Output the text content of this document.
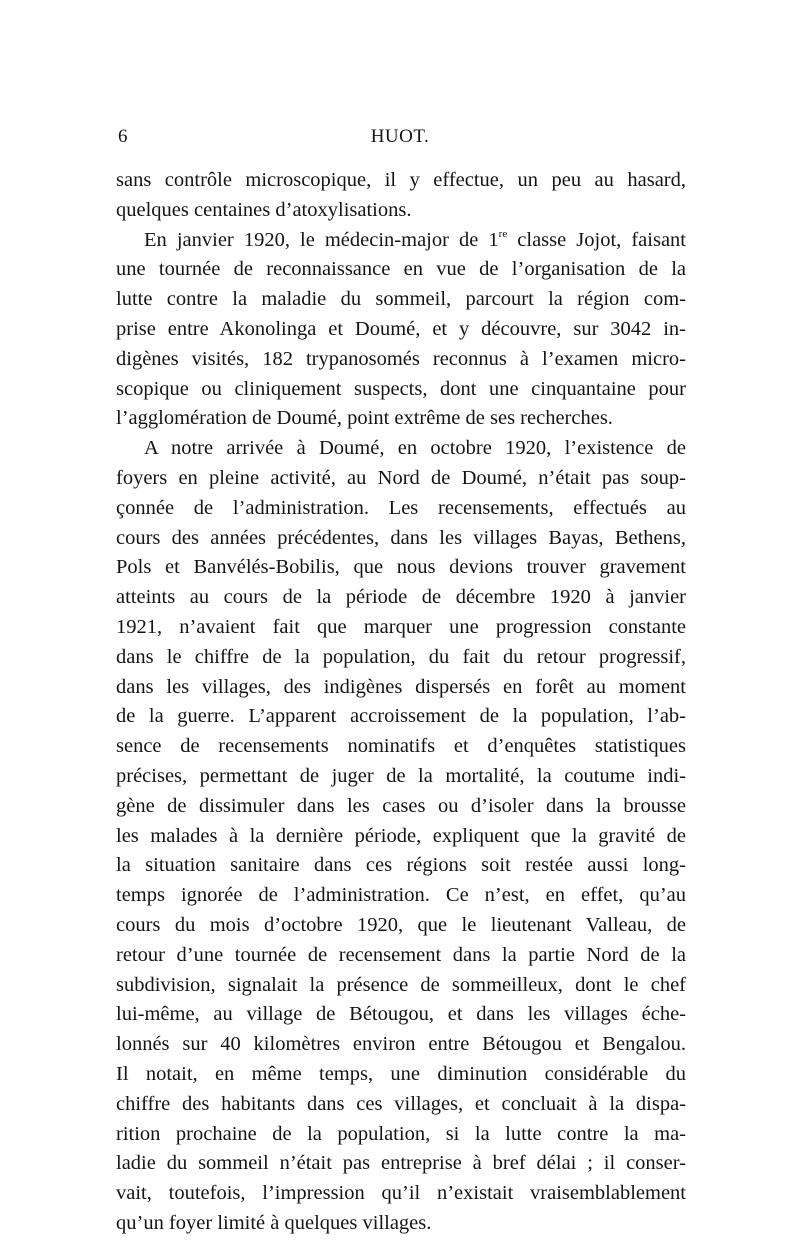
6	HUOT.
sans contrôle microscopique, il y effectue, un peu au hasard,
quelques centaines d’atoxylisations.
En janvier 1920, le médecin-major de 1re classe Jojot, faisant
une tournée de reconnaissance en vue de l’organisation de la
lutte contre la maladie du sommeil, parcourt la région com-
prise entre Akonolinga et Doumé, et y découvre, sur 3042 in-
digènes visités, 182 trypanosomés reconnus à l’examen micro-
scopique ou cliniquement suspects, dont une cinquantaine pour
l’agglomération de Doumé, point extrême de ses recherches.
A notre arrivée à Doumé, en octobre 1920, l’existence de
foyers en pleine activité, au Nord de Doumé, n’était pas soup-
çonnée de l’administration. Les recensements, effectués au
cours des années précédentes, dans les villages Bayas, Bethens,
Pols et Banvélés-Bobilis, que nous devions trouver gravement
atteints au cours de la période de décembre 1920 à janvier
1921, n’avaient fait que marquer une progression constante
dans le chiffre de la population, du fait du retour progressif,
dans les villages, des indigènes dispersés en forêt au moment
de la guerre. L’apparent accroissement de la population, l’ab-
sence de recensements nominatifs et d’enquêtes statistiques
précises, permettant de juger de la mortalité, la coutume indi-
gène de dissimuler dans les cases ou d’isoler dans la brousse
les malades à la dernière période, expliquent que la gravité de
la situation sanitaire dans ces régions soit restée aussi long-
temps ignorée de l’administration. Ce n’est, en effet, qu’au
cours du mois d’octobre 1920, que le lieutenant Valleau, de
retour d’une tournée de recensement dans la partie Nord de la
subdivision, signalait la présence de sommeilleux, dont le chef
lui-même, au village de Bétougou, et dans les villages éche-
lonnés sur 40 kilomètres environ entre Bétougou et Bengalou.
Il notait, en même temps, une diminution considérable du
chiffre des habitants dans ces villages, et concluait à la dispa-
rition prochaine de la population, si la lutte contre la ma-
ladie du sommeil n’était pas entreprise à bref délai ; il conser-
vait, toutefois, l’impression qu’il n’existait vraisemblablement
qu’un foyer limité à quelques villages.
